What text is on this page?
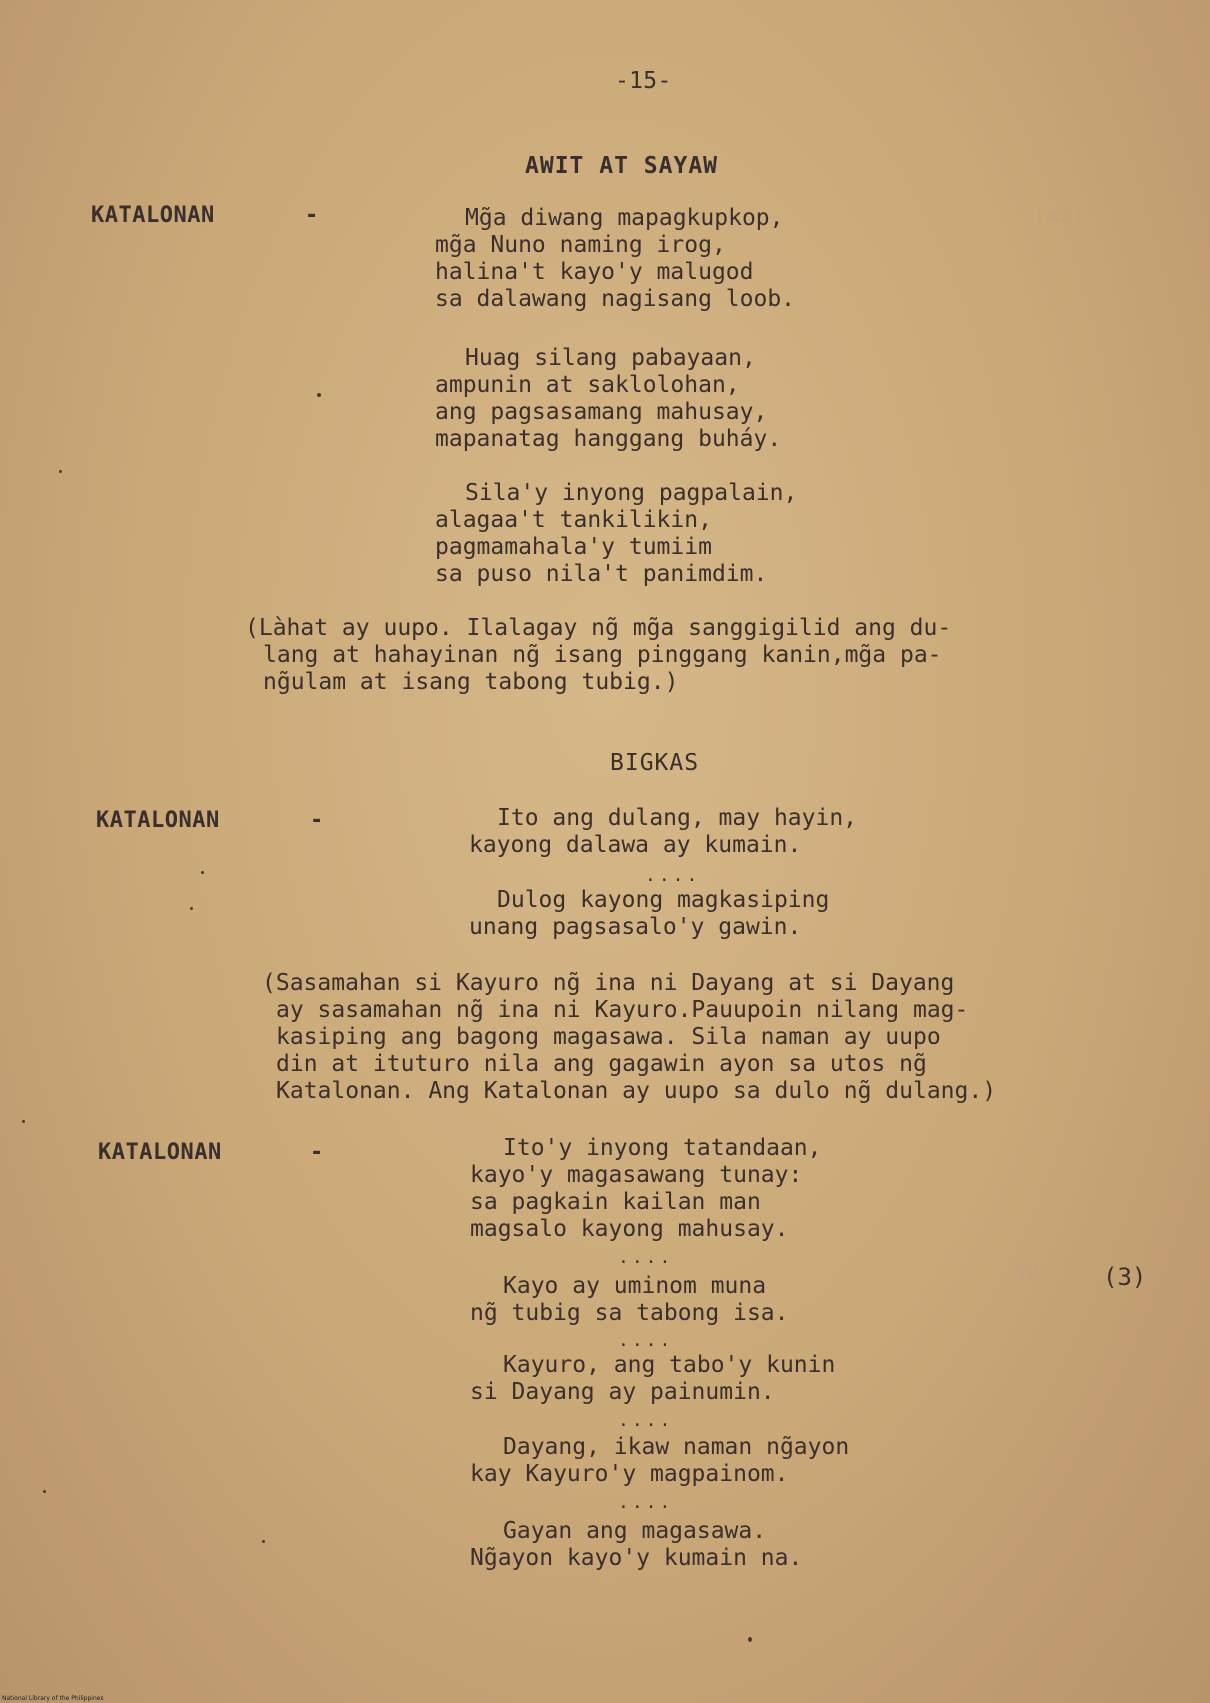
-15-
AWIT AT SAYAW
KATALONAN	-	Mg̃a diwang mapagkupkop,
mg̃a Nuno naming irog,
halina't kayo'y malugod
sa dalawang nagisang loob.
(xx)
Huag silang pabayaan,
ampunin at saklolohan,
ang pagsasamang mahusay,
mapanatag hanggang buháy.
Sila'y inyong pagpalain,
alagaa't tankilikin,
pagmamahala'y tumiim
sa puso nila't panimdim.
(Làhat ay uupo. Ilalagay ng̃ mg̃a sanggigilid ang du-
lang at hahayinan ng̃ isang pinggang kanin,mg̃a pa-
ng̃ulam at isang tabong tubig.)
BIGKAS
KATALONAN	-	Ito ang dulang, may hayin,
kayong dalawa ay kumain.
....
Dulog kayong magkasiping
unang pagsasalo'y gawin.
(Sasamahan si Kayuro ng̃ ina ni Dayang at si Dayang
ay sasamahan ng̃ ina ni Kayuro.Pauupoin nilang mag-
kasiping ang bagong magasawa. Sila naman ay uupo
din at ituturo nila ang gagawin ayon sa utos ng̃
Katalonan. Ang Katalonan ay uupo sa dulo ng̃ dulang.)
KATALONAN	-	Ito'y inyong tatandaan,
kayo'y magasawang tunay:
sa pagkain kailan man
magsalo kayong mahusay.
....
3V	(3)
Kayo ay uminom muna
ng̃ tubig sa tabong isa.
....
Kayuro, ang tabo'y kunin
si Dayang ay painumin.
....
Dayang, ikaw naman ng̃ayon
kay Kayuro'y magpainom.
....
Gayan ang magasawa.
Ng̃ayon kayo'y kumain na.
National Library of the Philippines
